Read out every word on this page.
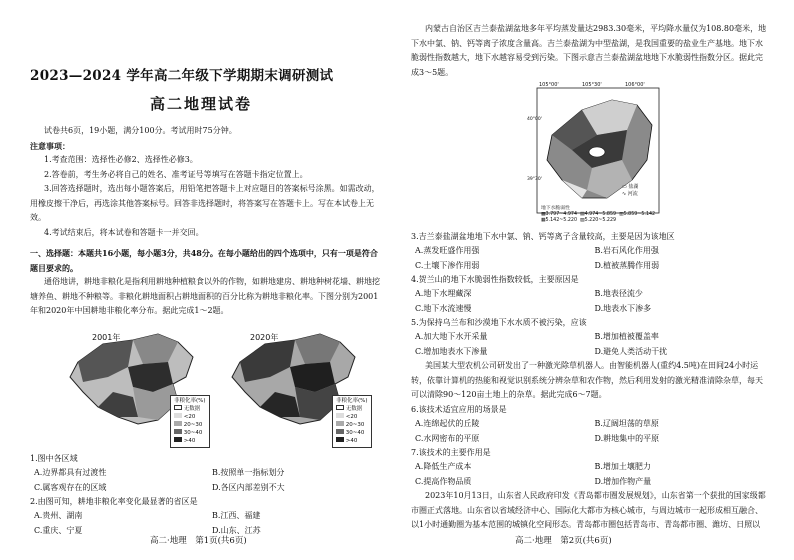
2023—2024 学年高二年级下学期期末调研测试
高二地理试卷
试卷共6页，19小题，满分100分。考试用时75分钟。
注意事项：
1.考查范围：选择性必修2、选择性必修3。
2.答卷前，考生务必将自己的姓名、准考证号等填写在答题卡指定位置上。
3.回答选择题时，选出每小题答案后，用铅笔把答题卡上对应题目的答案标号涂黑。如需改动，用橡皮擦干净后，再选涂其他答案标号。回答非选择题时，将答案写在答题卡上。写在本试卷上无效。
4.考试结束后，将本试卷和答题卡一并交回。
一、选择题：本题共16小题，每小题3分，共48分。在每小题给出的四个选项中，只有一项是符合题目要求的。
通俗地讲，耕地非粮化是指利用耕地种植粮食以外的作物，如耕地建房、耕地种树花墙、耕地挖塘养鱼、耕地不种粮等。非粮化耕地面积占耕地面积的百分比称为耕地非粮化率。下图分别为2001年和2020年中国耕地非粮化率分布。据此完成1～2题。
2001年
非粮化率(%)
无数据
<20
20~30
30~40
>40
2020年
非粮化率(%)
无数据
<20
20~30
30~40
>40
1.图中各区域
A.边界都具有过渡性	B.按照单一指标划分
C.属客观存在的区域	D.各区内部差别不大
2.由图可知，耕地非粮化率变化最显著的省区是
A.贵州、湖南	B.江西、福建
C.重庆、宁夏	D.山东、江苏
高二·地理　第1页(共6页)
内蒙古自治区吉兰泰盐湖盆地多年平均蒸发量达2983.30毫米，平均降水量仅为108.80毫米，地下水中氯、钠、钙等离子浓度含量高。吉兰泰盐湖为中型盐湖，是我国重要的盐业生产基地。地下水脆弱性指数越大，地下水越容易受到污染。下图示意吉兰泰盐湖盆地地下水脆弱性指数分区。据此完成3～5题。
105°00'	105°30'	106°00'
40°00'
39°30'
▭ 盐湖
∿ 河流
地下水脆弱性
▩3.797~4.974 ▤4.974~5.859 ▥5.859~5.142
▦5.142~5.220 ▧5.220~5.229
3.吉兰泰盐湖盆地地下水中氯、钠、钙等离子含量较高，主要是因为该地区
A.蒸发旺盛作用强	B.岩石风化作用强
C.土壤下渗作用弱	D.植被蒸腾作用弱
4.贺兰山的地下水脆弱性指数较低，主要原因是
A.地下水埋藏深	B.地表径流少
C.地下水流速慢	D.地表水下渗多
5.为保持乌兰布和沙漠地下水水质不被污染，应该
A.加大地下水开采量	B.增加植被覆盖率
C.增加地表水下渗量	D.避免人类活动干扰
美国某大型农机公司研发出了一种激光除草机器人。由智能机器人(重约4.5吨)在田间24小时运转，依靠计算机的热能和视觉识别系统分辨杂草和农作物，然后利用发射的激光精准清除杂草，每天可以清除90～120亩土地上的杂草。据此完成6～7题。
6.该技术适宜应用的场景是
A.连绵起伏的丘陵	B.辽阔坦荡的草原
C.水网密布的平原	D.耕地集中的平原
7.该技术的主要作用是
A.降低生产成本	B.增加土壤肥力
C.提高作物品质	D.增加作物产量
2023年10月13日，山东省人民政府印发《青岛都市圈发展规划》，山东省第一个获批的国家级都市圈正式落地。山东省以省域经济中心、国际化大都市为核心城市，与周边城市一起形成相互融合、以1小时通勤圈为基本范围的城镇化空间形态。青岛都市圈包括青岛市、青岛都市圈、潍坊、日照以
高二·地理　第2页(共6页)
